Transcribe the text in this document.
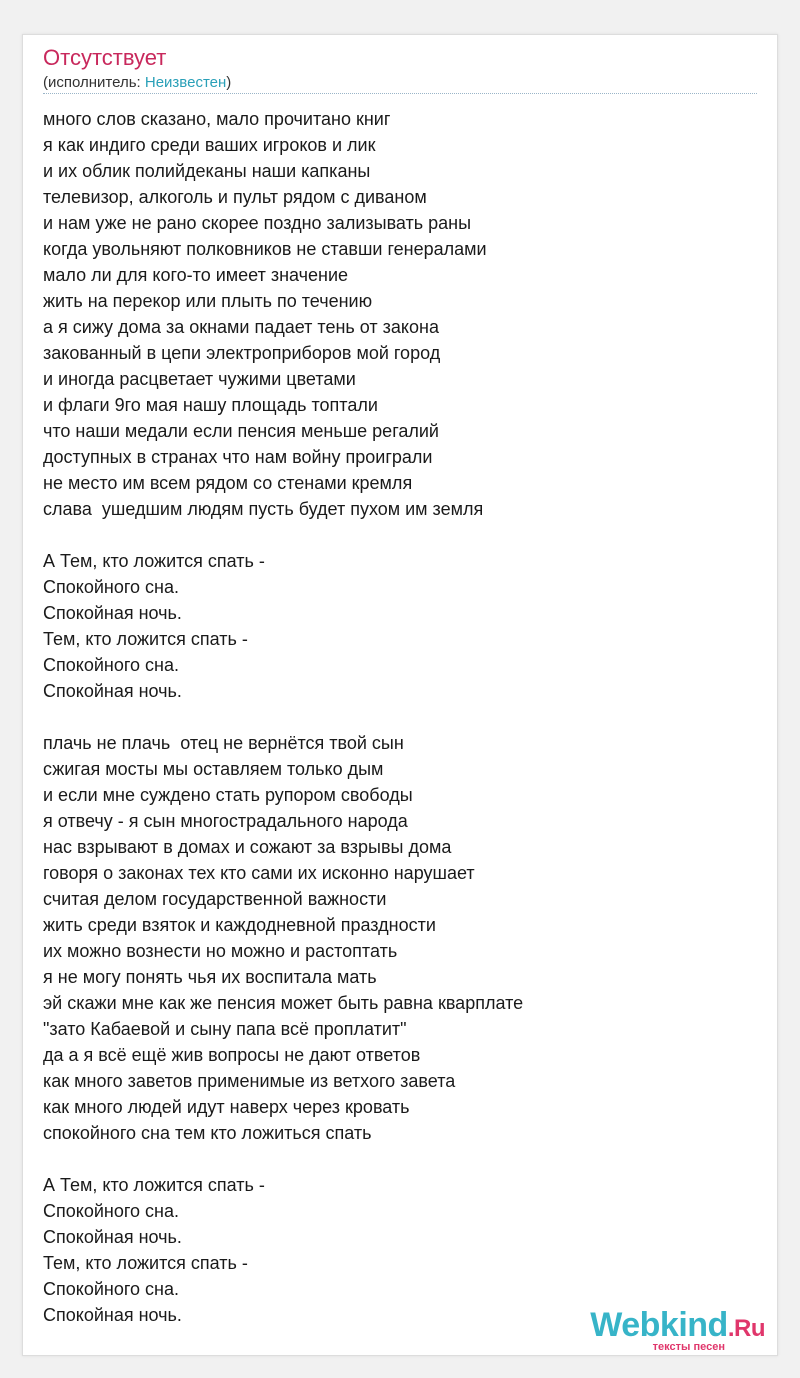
Отсутствует
(исполнитель: Неизвестен)
много слов сказано, мало прочитано книг
я как индиго среди ваших игроков и лик
и их облик полийдеканы наши капканы
телевизор, алкоголь и пульт рядом с диваном
и нам уже не рано скорее поздно зализывать раны
когда увольняют полковников не ставши генералами
мало ли для кого-то имеет значение
жить на перекор или плыть по течению
а я сижу дома за окнами падает тень от закона
закованный в цепи электроприборов мой город
и иногда расцветает чужими цветами
и флаги 9го мая нашу площадь топтали
что наши медали если пенсия меньше регалий
доступных в странах что нам войну проиграли
не место им всем рядом со стенами кремля
слава  ушедшим людям пусть будет пухом им земля
А Тем, кто ложится спать -
Спокойного сна.
Спокойная ночь.
Тем, кто ложится спать -
Спокойного сна.
Спокойная ночь.
плачь не плачь  отец не вернётся твой сын
сжигая мосты мы оставляем только дым
и если мне суждено стать рупором свободы
я отвечу - я сын многострадального народа
нас взрывают в домах и сожают за взрывы дома
говоря о законах тех кто сами их исконно нарушает
считая делом государственной важности
жить среди взяток и каждодневной праздности
их можно вознести но можно и растоптать
я не могу понять чья их воспитала мать
эй скажи мне как же пенсия может быть равна кварплате
"зато Кабаевой и сыну папа всё проплатит"
да а я всё ещё жив вопросы не дают ответов
как много заветов применимые из ветхого завета
как много людей идут наверх через кровать
спокойного сна тем кто ложиться спать
А Тем, кто ложится спать -
Спокойного сна.
Спокойная ночь.
Тем, кто ложится спать -
Спокойного сна.
Спокойная ночь.	Webkind.Ru
тексты песен
